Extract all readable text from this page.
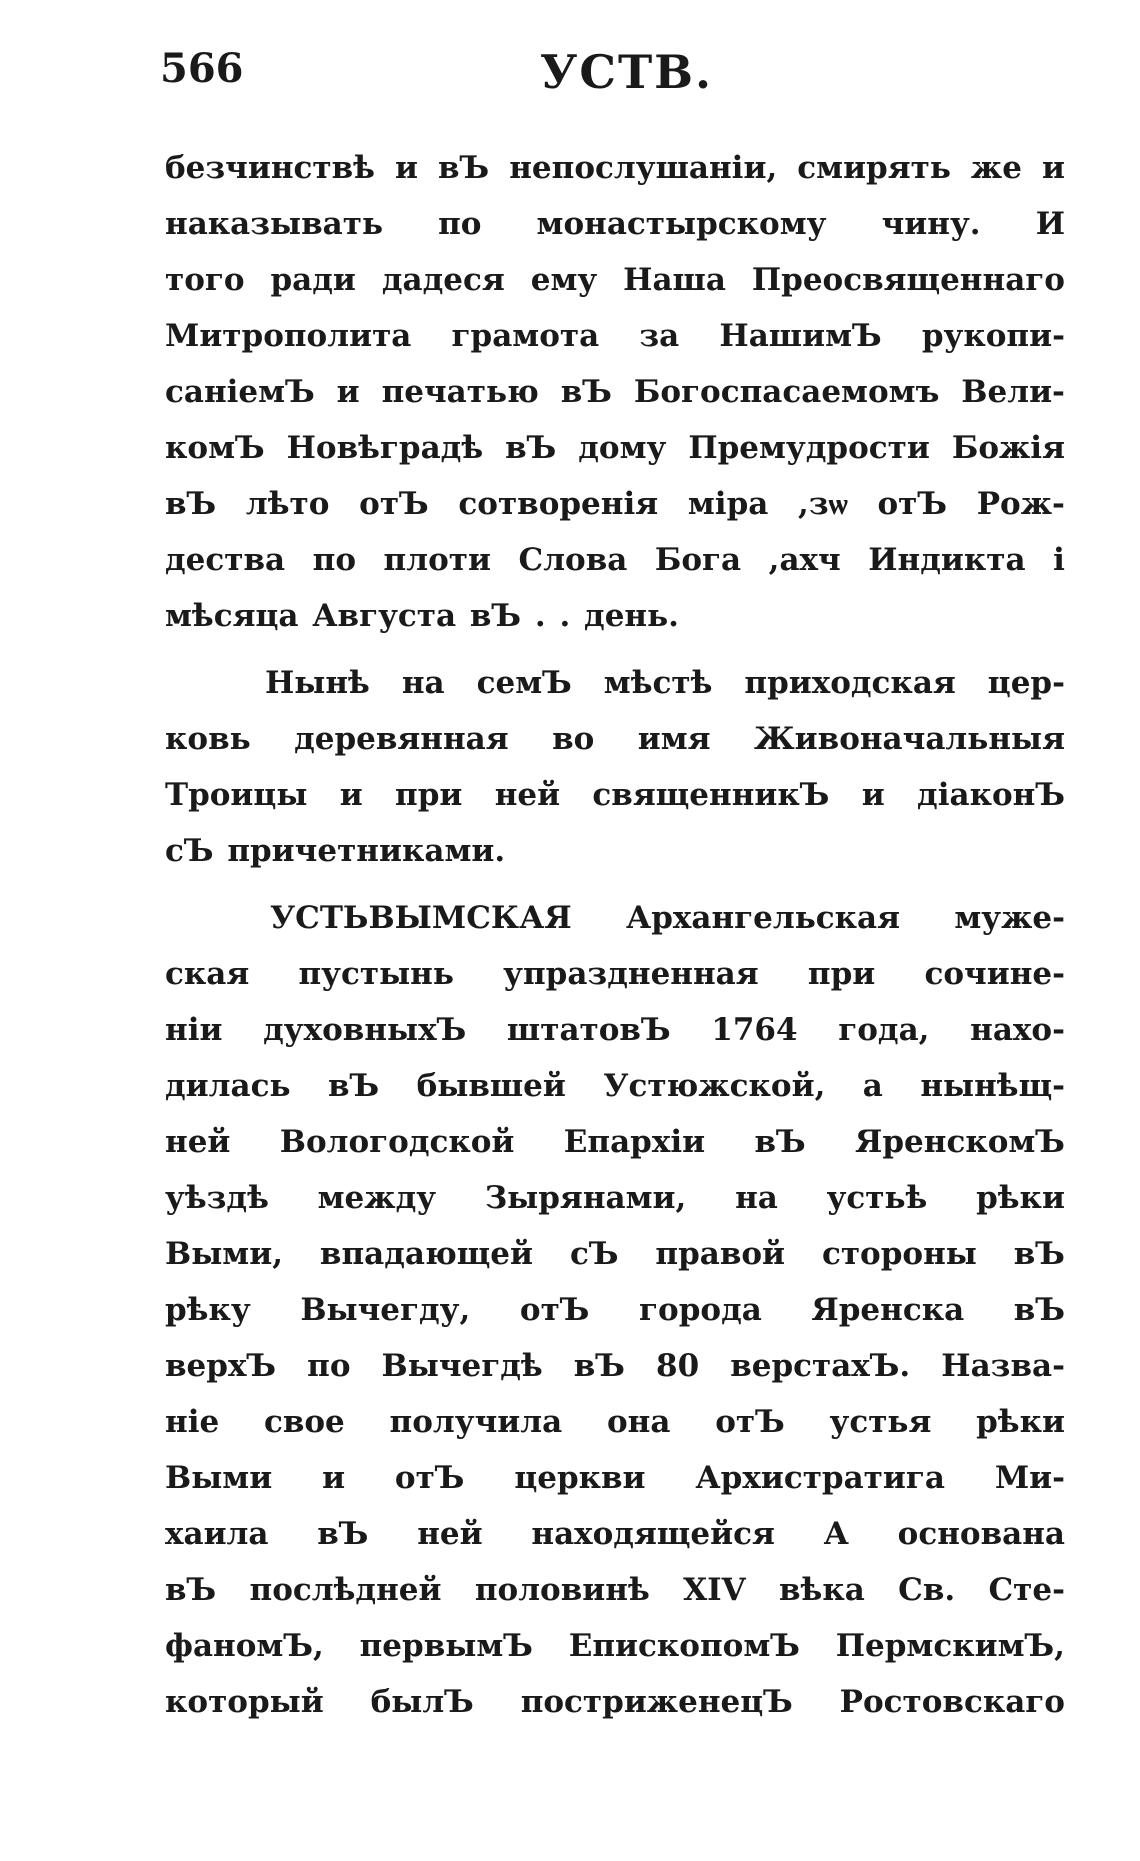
566	УСТВ.
безчинствѣ и вЪ непослушаніи, смирять же и
наказывать по монастырскому чину. И
того ради дадеся ему Наша Преосвященнаго
Митрополита грамота за НашимЪ рукопи-
саніемЪ и печатью вЪ Богоспасаемомъ Вели-
комЪ Новѣградѣ вЪ дому Премудрости Божія
вЪ лѣто отЪ сотворенія міра ,зѡ отЪ Рож-
дества по плоти Слова Бога ,ахч Индикта і
мѣсяца Августа вЪ . . день.
Нынѣ на семЪ мѣстѣ приходская цер-
ковь деревянная во имя Живоначальныя
Троицы и при ней священникЪ и діаконЪ
сЪ причетниками.
УСТЬВЫМСКАЯ Архангельская муже-
ская пустынь упраздненная при сочине-
ніи духовныхЪ штатовЪ 1764 года, нахо-
дилась вЪ бывшей Устюжской, а нынѣщ-
ней Вологодской Епархіи вЪ ЯренскомЪ
уѣздѣ между Зырянами, на устьѣ рѣки
Выми, впадающей сЪ правой стороны вЪ
рѣку Вычегду, отЪ города Яренска вЪ
верхЪ по Вычегдѣ вЪ 80 верстахЪ. Назва-
ніе свое получила она отЪ устья рѣки
Выми и отЪ церкви Архистратига Ми-
хаила вЪ ней находящейся А основана
вЪ послѣдней половинѣ XIV вѣка Св. Сте-
фаномЪ, первымЪ ЕпископомЪ ПермскимЪ,
который былЪ постриженецЪ Ростовскаго
